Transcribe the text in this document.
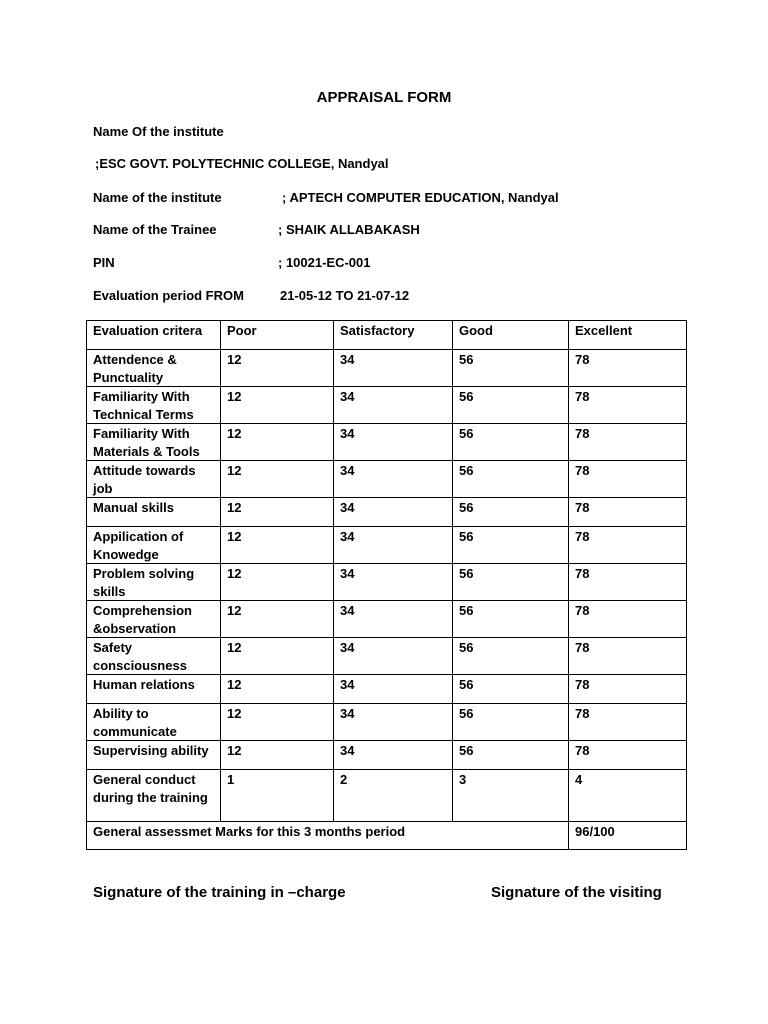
APPRAISAL FORM
Name Of the institute
;ESC GOVT. POLYTECHNIC COLLEGE, Nandyal
Name of the institute	; APTECH COMPUTER EDUCATION, Nandyal
Name of the Trainee	; SHAIK ALLABAKASH
PIN	; 10021-EC-001
Evaluation period FROM	21-05-12 TO 21-07-12
Evaluation critera	Poor	Satisfactory	Good	Excellent
Attendence & Punctuality	12	34	56	78
Familiarity With Technical Terms	12	34	56	78
Familiarity With Materials & Tools	12	34	56	78
Attitude towards job	12	34	56	78
Manual skills	12	34	56	78
Appilication of Knowedge	12	34	56	78
Problem solving skills	12	34	56	78
Comprehension &observation	12	34	56	78
Safety consciousness	12	34	56	78
Human relations	12	34	56	78
Ability to communicate	12	34	56	78
Supervising ability	12	34	56	78
General conduct during the training	1	2	3	4
General assessmet Marks for this 3 months period				96/100
Signature of the training in –charge	Signature of the visiting
